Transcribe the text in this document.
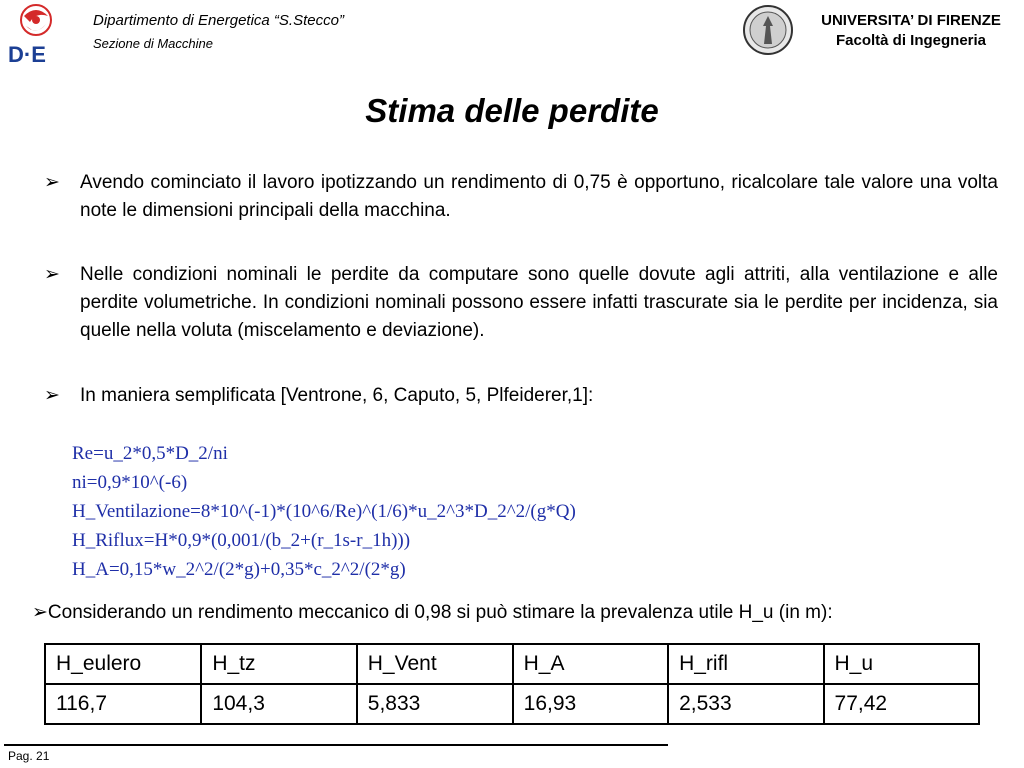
D·E
Dipartimento di Energetica “S.Stecco”
Sezione di Macchine
UNIVERSITA’ DI FIRENZE
Facoltà di Ingegneria
Stima delle perdite
➢	Avendo cominciato il lavoro ipotizzando un rendimento di 0,75 è opportuno, ricalcolare tale valore una volta note le dimensioni principali della macchina.
➢	Nelle condizioni nominali le perdite da computare sono quelle dovute agli attriti, alla ventilazione e alle perdite volumetriche. In condizioni nominali possono essere infatti trascurate sia le perdite per incidenza, sia quelle nella voluta (miscelamento e deviazione).
➢	In maniera semplificata [Ventrone, 6, Caputo, 5, Plfeiderer,1]:
Re=u_2*0,5*D_2/ni
ni=0,9*10^(-6)
H_Ventilazione=8*10^(-1)*(10^6/Re)^(1/6)*u_2^3*D_2^2/(g*Q)
H_Riflux=H*0,9*(0,001/(b_2+(r_1s-r_1h)))
H_A=0,15*w_2^2/(2*g)+0,35*c_2^2/(2*g)
➢Considerando un rendimento meccanico di 0,98 si può stimare la prevalenza utile H_u (in m):
H_eulero	H_tz	H_Vent	H_A	H_rifl	H_u
116,7	104,3	5,833	16,93	2,533	77,42
Pag. 21
